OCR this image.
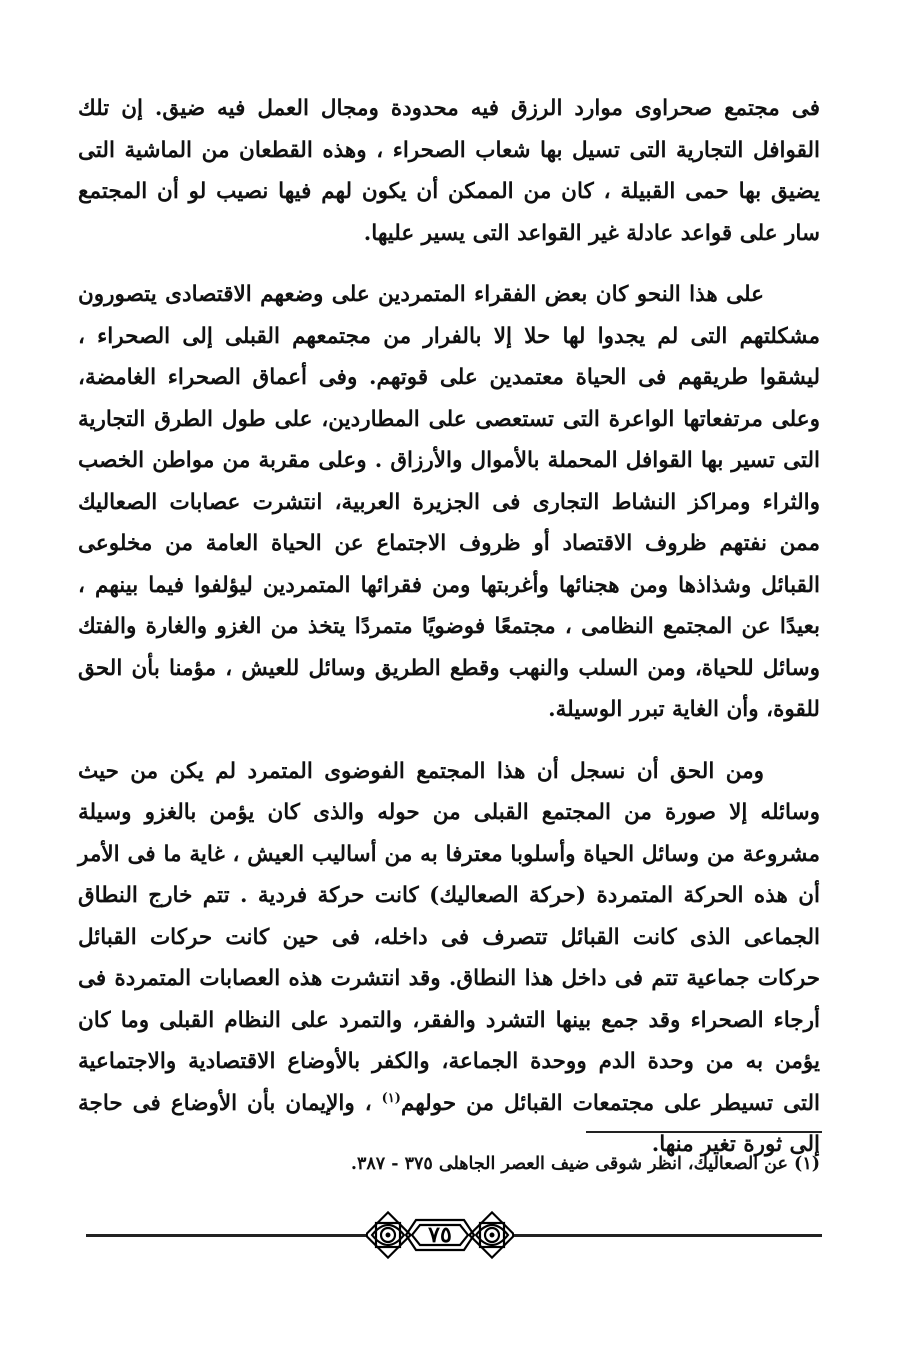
فى مجتمع صحراوى موارد الرزق فيه محدودة ومجال العمل فيه ضيق. إن تلك القوافل التجارية التى تسيل بها شعاب الصحراء ، وهذه القطعان من الماشية التى يضيق بها حمى القبيلة ، كان من الممكن أن يكون لهم فيها نصيب لو أن المجتمع سار على قواعد عادلة غير القواعد التى يسير عليها.

على هذا النحو كان بعض الفقراء المتمردين على وضعهم الاقتصادى يتصورون مشكلتهم التى لم يجدوا لها حلا إلا بالفرار من مجتمعهم القبلى إلى الصحراء ، ليشقوا طريقهم فى الحياة معتمدين على قوتهم. وفى أعماق الصحراء الغامضة، وعلى مرتفعاتها الواعرة التى تستعصى على المطاردين، على طول الطرق التجارية التى تسير بها القوافل المحملة بالأموال والأرزاق . وعلى مقربة من مواطن الخصب والثراء ومراكز النشاط التجارى فى الجزيرة العربية، انتشرت عصابات الصعاليك ممن نفتهم ظروف الاقتصاد أو ظروف الاجتماع عن الحياة العامة من مخلوعى القبائل وشذاذها ومن هجنائها وأغربتها ومن فقرائها المتمردين ليؤلفوا فيما بينهم ، بعيدًا عن المجتمع النظامى ، مجتمعًا فوضويًا متمردًا يتخذ من الغزو والغارة والفتك وسائل للحياة، ومن السلب والنهب وقطع الطريق وسائل للعيش ، مؤمنا بأن الحق للقوة، وأن الغاية تبرر الوسيلة.

ومن الحق أن نسجل أن هذا المجتمع الفوضوى المتمرد لم يكن من حيث وسائله إلا صورة من المجتمع القبلى من حوله والذى كان يؤمن بالغزو وسيلة مشروعة من وسائل الحياة وأسلوبا معترفا به من أساليب العيش ، غاية ما فى الأمر أن هذه الحركة المتمردة (حركة الصعاليك) كانت حركة فردية . تتم خارج النطاق الجماعى الذى كانت القبائل تتصرف فى داخله، فى حين كانت حركات القبائل حركات جماعية تتم فى داخل هذا النطاق. وقد انتشرت هذه العصابات المتمردة فى أرجاء الصحراء وقد جمع بينها التشرد والفقر، والتمرد على النظام القبلى وما كان يؤمن به من وحدة الدم ووحدة الجماعة، والكفر بالأوضاع الاقتصادية والاجتماعية التى تسيطر على مجتمعات القبائل من حولهم$^{(١)}$ ، والإيمان بأن الأوضاع فى حاجة إلى ثورة تغير منها.

(١) عن الصعاليك، انظر شوقى ضيف العصر الجاهلى ٣٧٥ - ٣٨٧.
٧٥
